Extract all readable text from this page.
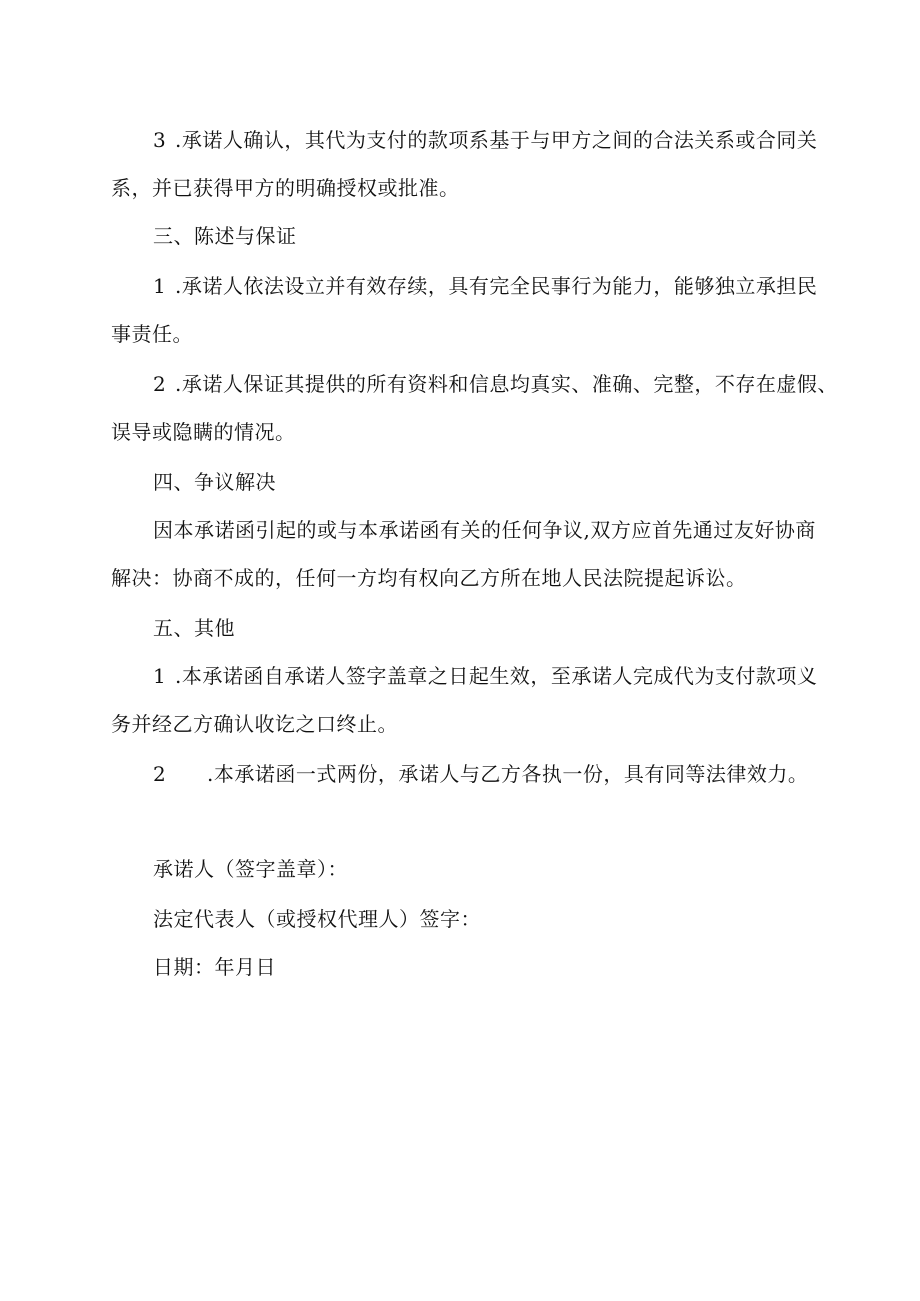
3 .承诺人确认，其代为支付的款项系基于与甲方之间的合法关系或合同关
系，并已获得甲方的明确授权或批准。
三、陈述与保证
1 .承诺人依法设立并有效存续，具有完全民事行为能力，能够独立承担民
事责任。
2 .承诺人保证其提供的所有资料和信息均真实、准确、完整，不存在虚假、
误导或隐瞒的情况。
四、争议解决
因本承诺函引起的或与本承诺函有关的任何争议,双方应首先通过友好协商
解决：协商不成的，任何一方均有权向乙方所在地人民法院提起诉讼。
五、其他
1 .本承诺函自承诺人签字盖章之日起生效，至承诺人完成代为支付款项义
务并经乙方确认收讫之口终止。
2 .本承诺函一式两份，承诺人与乙方各执一份，具有同等法律效力。
承诺人（签字盖章）：
法定代表人（或授权代理人）签字：
日期：年月日
